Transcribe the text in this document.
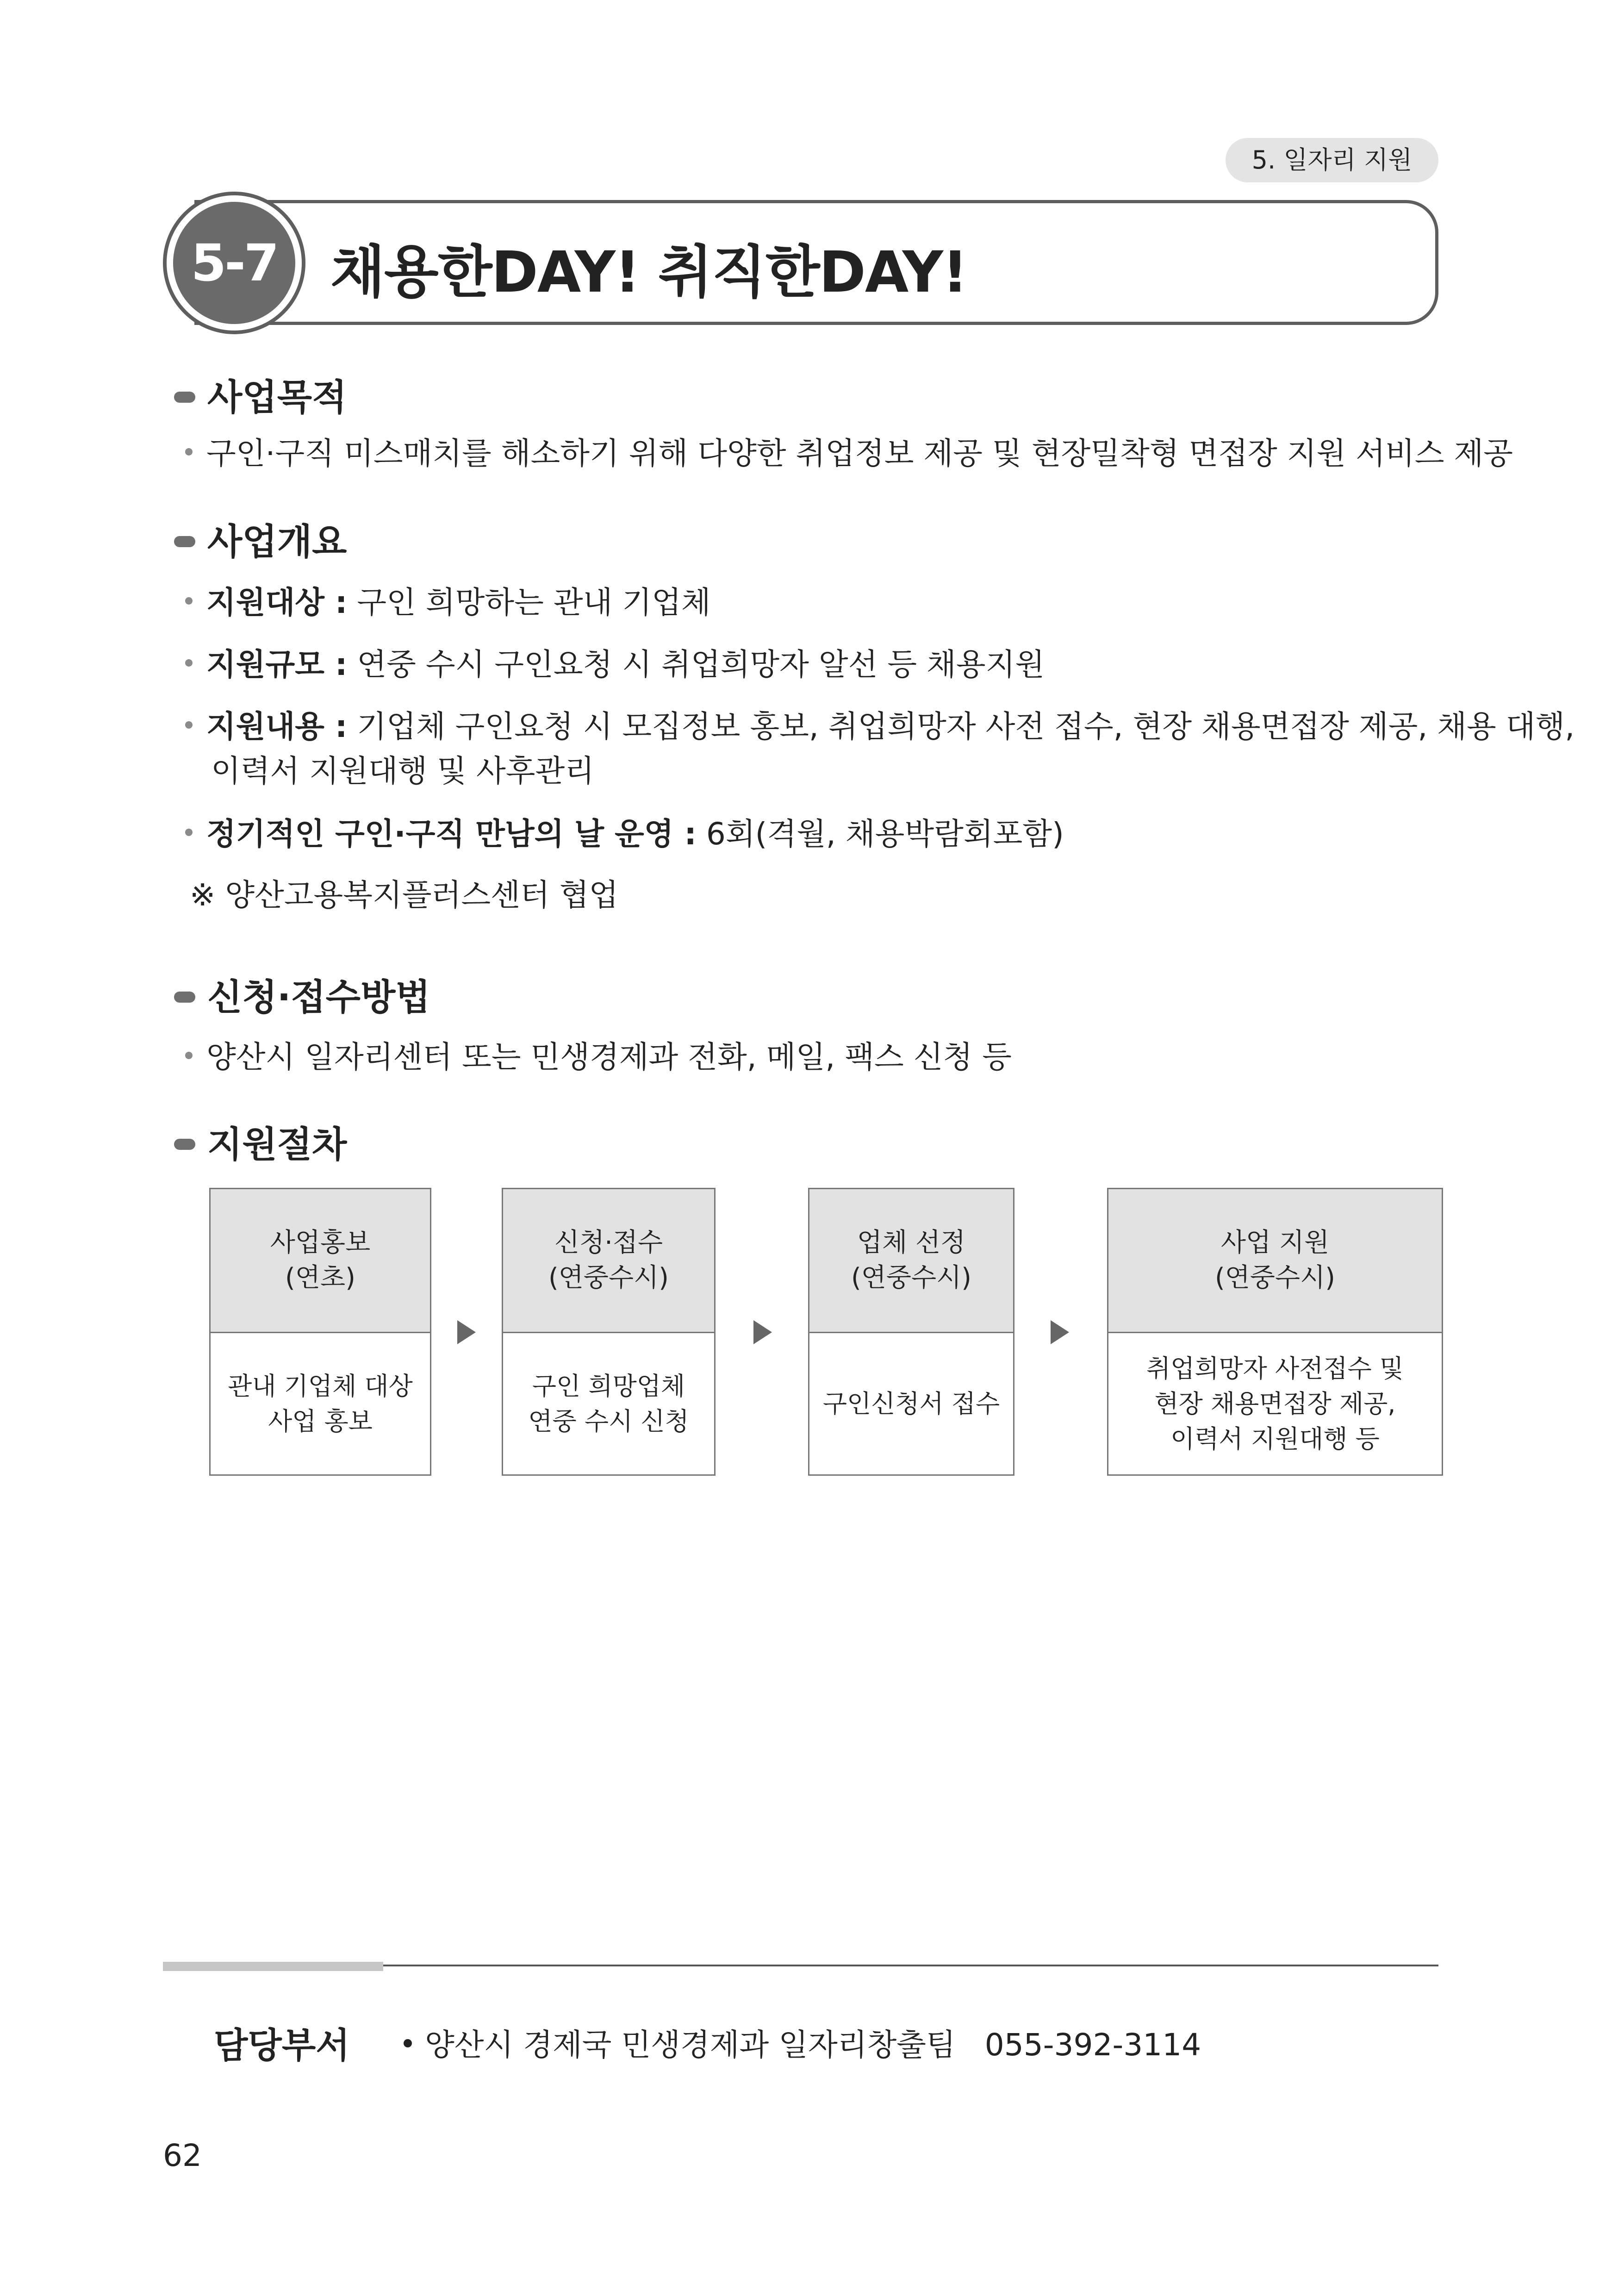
5. 일자리 지원
5-7 채용한DAY! 취직한DAY!
사업목적
구인·구직 미스매치를 해소하기 위해 다양한 취업정보 제공 및 현장밀착형 면접장 지원 서비스 제공
사업개요
지원대상 : 구인 희망하는 관내 기업체
지원규모 : 연중 수시 구인요청 시 취업희망자 알선 등 채용지원
지원내용 : 기업체 구인요청 시 모집정보 홍보, 취업희망자 사전 접수, 현장 채용면접장 제공, 채용 대행,
이력서 지원대행 및 사후관리
정기적인 구인·구직 만남의 날 운영 : 6회(격월, 채용박람회포함)
※ 양산고용복지플러스센터 협업
신청·접수방법
양산시 일자리센터 또는 민생경제과 전화, 메일, 팩스 신청 등
지원절차
사업홍보
(연초)
관내 기업체 대상
사업 홍보
신청·접수
(연중수시)
구인 희망업체
연중 수시 신청
업체 선정
(연중수시)
구인신청서 접수
사업 지원
(연중수시)
취업희망자 사전접수 및
현장 채용면접장 제공,
이력서 지원대행 등
담당부서	양산시 경제국 민생경제과 일자리창출팀   055-392-3114
62
